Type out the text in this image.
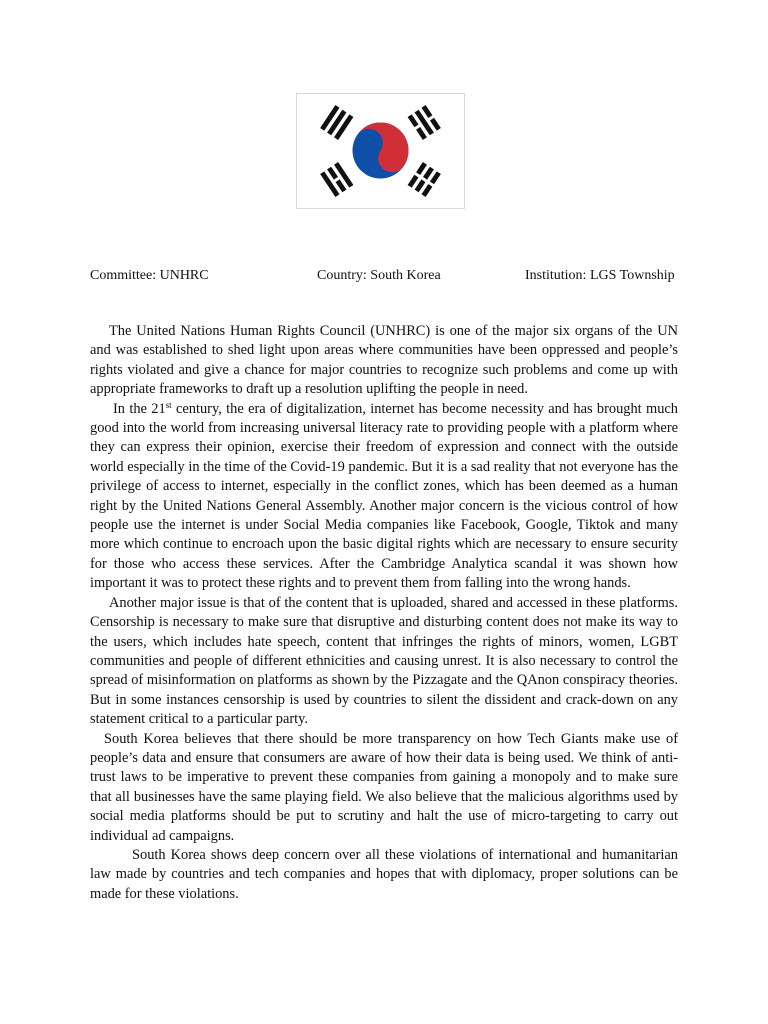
Committee: UNHRC	Country: South Korea	Institution: LGS Township

The United Nations Human Rights Council (UNHRC) is one of the major six organs of the UN and was established to shed light upon areas where communities have been oppressed and people’s rights violated and give a chance for major countries to recognize such problems and come up with appropriate frameworks to draft up a resolution uplifting the people in need.

In the 21st century, the era of digitalization, internet has become necessity and has brought much good into the world from increasing universal literacy rate to providing people with a platform where they can express their opinion, exercise their freedom of expression and connect with the outside world especially in the time of the Covid-19 pandemic. But it is a sad reality that not everyone has the privilege of access to internet, especially in the conflict zones, which has been deemed as a human right by the United Nations General Assembly. Another major concern is the vicious control of how people use the internet is under Social Media companies like Facebook, Google, Tiktok and many more which continue to encroach upon the basic digital rights which are necessary to ensure security for those who access these services. After the Cambridge Analytica scandal it was shown how important it was to protect these rights and to prevent them from falling into the wrong hands.

Another major issue is that of the content that is uploaded, shared and accessed in these platforms. Censorship is necessary to make sure that disruptive and disturbing content does not make its way to the users, which includes hate speech, content that infringes the rights of minors, women, LGBT communities and people of different ethnicities and causing unrest. It is also necessary to control the spread of misinformation on platforms as shown by the Pizzagate and the QAnon conspiracy theories. But in some instances censorship is used by countries to silent the dissident and crack-down on any statement critical to a particular party.

South Korea believes that there should be more transparency on how Tech Giants make use of people’s data and ensure that consumers are aware of how their data is being used. We think of anti-trust laws to be imperative to prevent these companies from gaining a monopoly and to make sure that all businesses have the same playing field. We also believe that the malicious algorithms used by social media platforms should be put to scrutiny and halt the use of micro-targeting to carry out individual ad campaigns.

South Korea shows deep concern over all these violations of international and humanitarian law made by countries and tech companies and hopes that with diplomacy, proper solutions can be made for these violations.
